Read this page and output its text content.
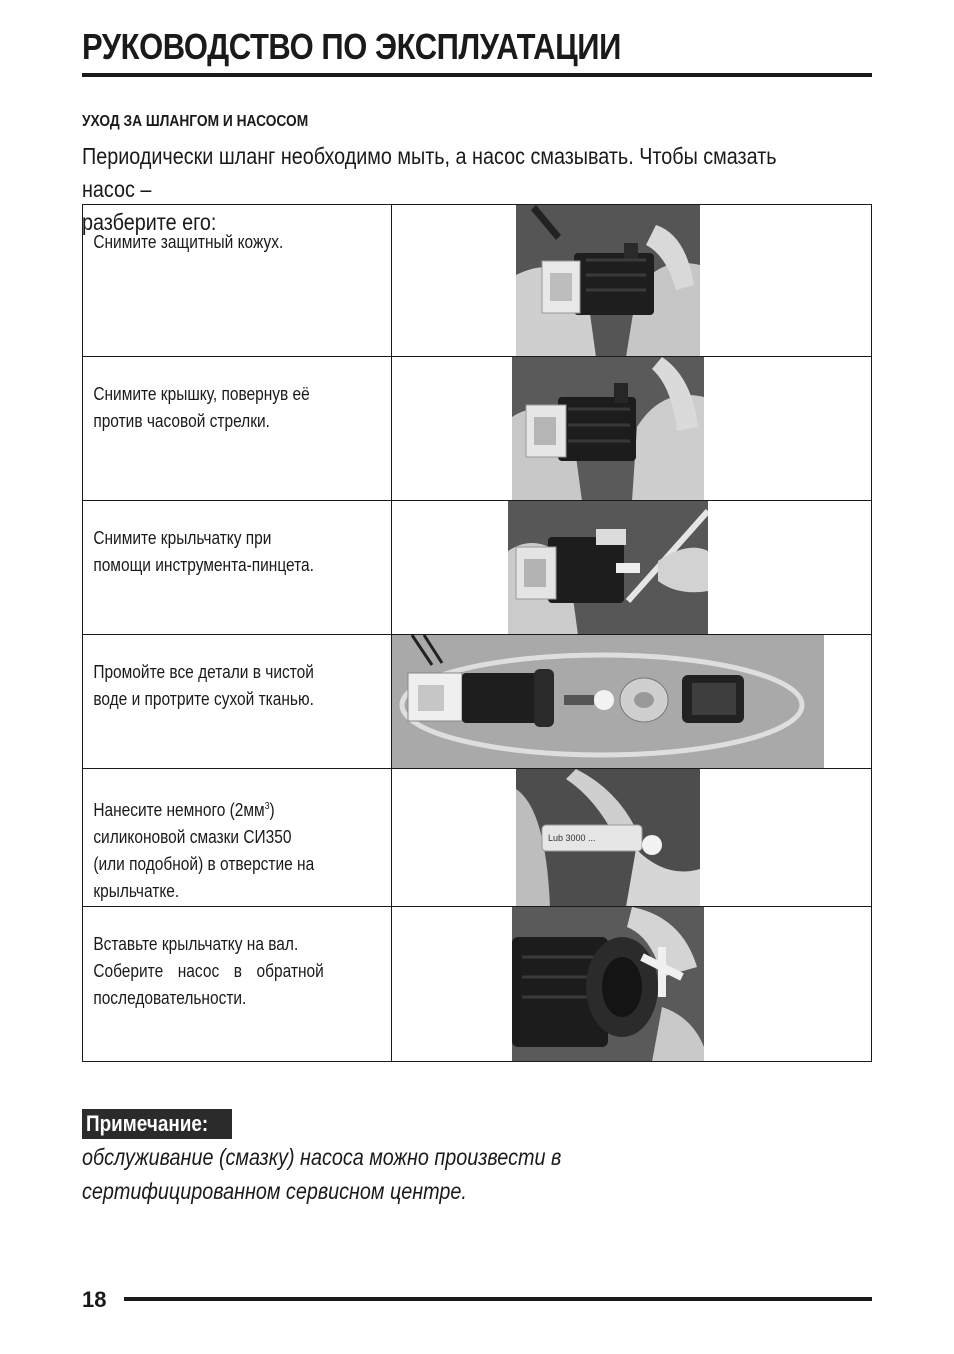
РУКОВОДСТВО ПО ЭКСПЛУАТАЦИИ
УХОД ЗА ШЛАНГОМ И НАСОСОМ
Периодически шланг необходимо мыть, а насос смазывать. Чтобы смазать насос –
разберите его:
Снимите защитный кожух.

Снимите крышку, повернув её
против часовой стрелки.

Снимите крыльчатку при
помощи инструмента-пинцета.

Промойте все детали в чистой
воде и протрите сухой тканью.

Нанесите немного $(2мм^3)$
силиконовой смазки СИ350
(или подобной) в отверстие на
крыльчатке.	Lub 3000 ...

Вставьте крыльчатку на вал.
Соберите насос в обратной
последовательности.

Примечание:
обслуживание (смазку) насоса можно произвести в
сертифицированном сервисном центре.
18
